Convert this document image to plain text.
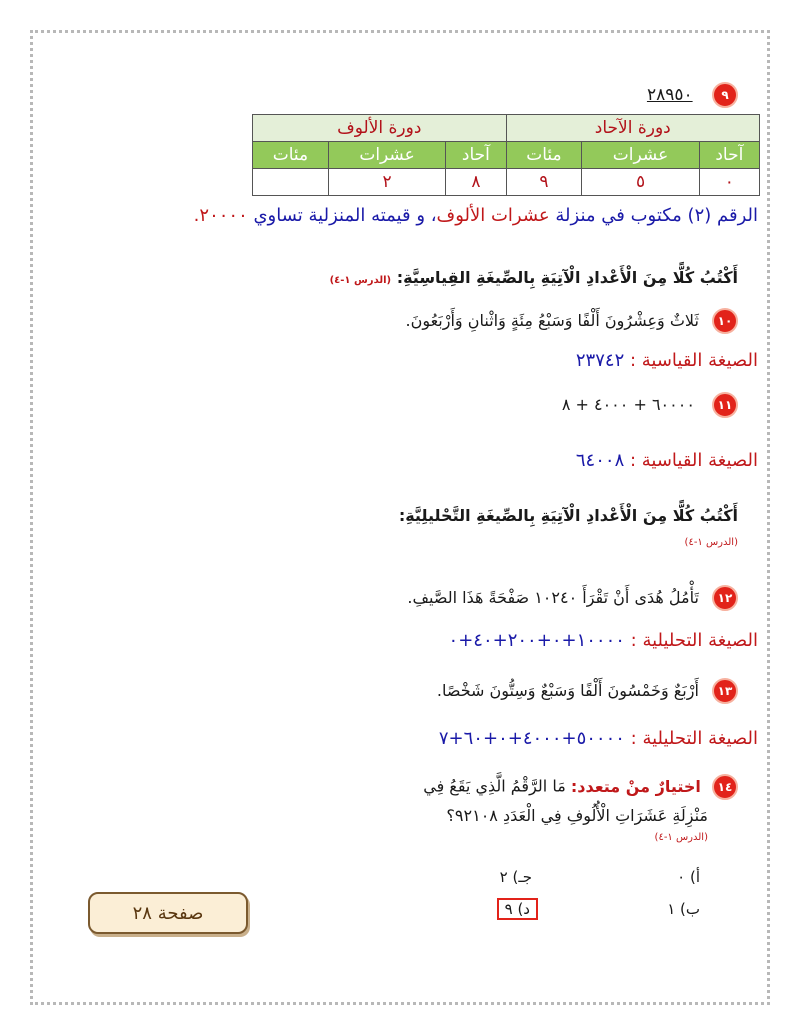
٩ ٢٨٩٥٠
دورة الآحاد			دورة الألوف		
آحاد	عشرات	مئات	آحاد	عشرات	مئات
٠	٥	٩	٨	٢	
الرقم (٢) مكتوب في منزلة عشرات الألوف، و قيمته المنزلية تساوي ٢٠٠٠٠.
أَكْتُبُ كُلًّا مِنَ الْأَعْدادِ الْآتِيَةِ بِالصِّيغَةِ القِياسِيَّةِ: (الدرس ١-٤)
١٠ ثَلاثٌ وَعِشْرُونَ أَلْفًا وَسَبْعُ مِئَةٍ وَاثْنانِ وَأَرْبَعُونَ.
الصيغة القياسية : ٢٣٧٤٢
١١ ٦٠٠٠٠ + ٤٠٠٠ + ٨
الصيغة القياسية : ٦٤٠٠٨
أَكْتُبُ كُلًّا مِنَ الْأَعْدادِ الْآتِيَةِ بِالصِّيغَةِ التَّحْليلِيَّةِ:
(الدرس ١-٤)
١٢ تَأْمُلُ هُدَى أَنْ تَقْرَأَ ١٠٢٤٠ صَفْحَةً هَذَا الصَّيفِ.
الصيغة التحليلية : ١٠٠٠٠+٠+٢٠٠+٤٠+٠
١٣ أَرْبَعٌ وَخَمْسُونَ أَلْفًا وَسَبْعٌ وَسِتُّونَ شَخْصًا.
الصيغة التحليلية : ٥٠٠٠٠+٤٠٠٠+٠+٦٠+٧
١٤ اختيارٌ منْ متعدد: مَا الرَّقْمُ الَّذِي يَقَعُ فِي
مَنْزِلَةِ عَشَرَاتِ الْأُلُوفِ فِي الْعَدَدِ ٩٢١٠٨؟
(الدرس ١-٤)
أ) ٠
جـ) ٢
ب) ١
د) ٩
صفحة ٢٨
